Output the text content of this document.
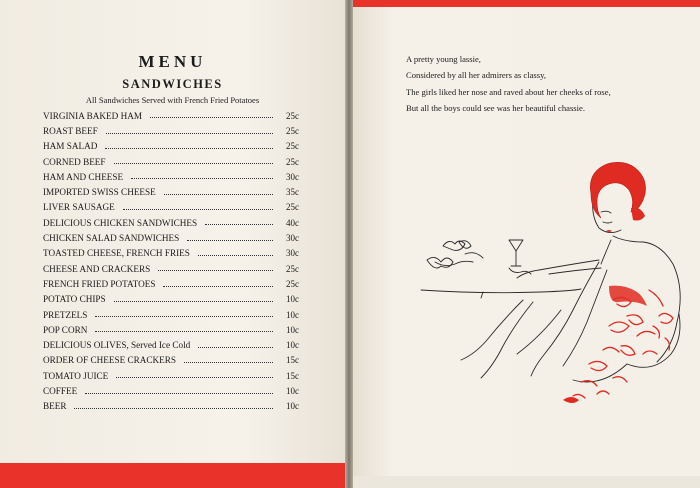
MENU
SANDWICHES
All Sandwiches Served with French Fried Potatoes
VIRGINIA BAKED HAM	25c
ROAST BEEF	25c
HAM SALAD	25c
CORNED BEEF	25c
HAM AND CHEESE	30c
IMPORTED SWISS CHEESE	35c
LIVER SAUSAGE	25c
DELICIOUS CHICKEN SANDWICHES	40c
CHICKEN SALAD SANDWICHES	30c
TOASTED CHEESE, FRENCH FRIES	30c
CHEESE AND CRACKERS	25c
FRENCH FRIED POTATOES	25c
POTATO CHIPS	10c
PRETZELS	10c
POP CORN	10c
DELICIOUS OLIVES, Served Ice Cold	10c
ORDER OF CHEESE CRACKERS	15c
TOMATO JUICE	15c
COFFEE	10c
BEER	10c
A pretty young lassie,
Considered by all her admirers as classy,
The girls liked her nose and raved about her cheeks of rose,
But all the boys could see was her beautiful chassie.
